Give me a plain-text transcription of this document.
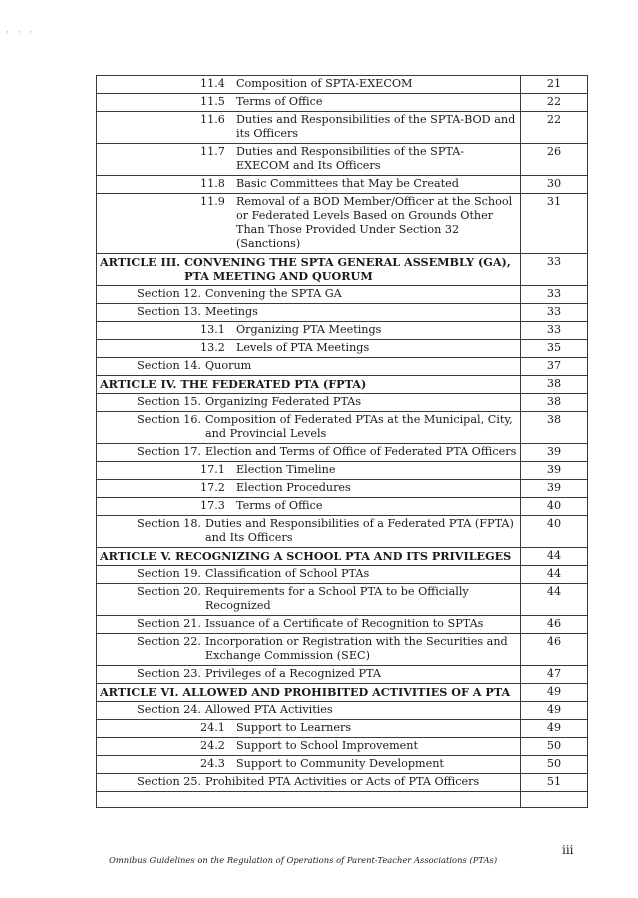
· · ·
11.4 Composition of SPTA-EXECOM	21

11.5 Terms of Office	22

11.6 Duties and Responsibilities of the SPTA-BOD and its Officers	22

11.7 Duties and Responsibilities of the SPTA-EXECOM and Its Officers	26

11.8 Basic Committees that May be Created	30

11.9 Removal of a BOD Member/Officer at the School or Federated Levels Based on Grounds Other Than Those Provided Under Section 32 (Sanctions)	31

ARTICLE III. CONVENING THE SPTA GENERAL ASSEMBLY (GA), PTA MEETING AND QUORUM	33

Section 12. Convening the SPTA GA	33

Section 13. Meetings	33

13.1 Organizing PTA Meetings	33

13.2 Levels of PTA Meetings	35

Section 14. Quorum	37

ARTICLE IV. THE FEDERATED PTA (FPTA)	38

Section 15. Organizing Federated PTAs	38

Section 16. Composition of Federated PTAs at the Municipal, City, and Provincial Levels	38

Section 17. Election and Terms of Office of Federated PTA Officers	39

17.1 Election Timeline	39

17.2 Election Procedures	39

17.3 Terms of Office	40

Section 18. Duties and Responsibilities of a Federated PTA (FPTA) and Its Officers	40

ARTICLE V. RECOGNIZING A SCHOOL PTA AND ITS PRIVILEGES	44

Section 19. Classification of School PTAs	44

Section 20. Requirements for a School PTA to be Officially Recognized	44

Section 21. Issuance of a Certificate of Recognition to SPTAs	46

Section 22. Incorporation or Registration with the Securities and Exchange Commission (SEC)	46

Section 23. Privileges of a Recognized PTA	47

ARTICLE VI. ALLOWED AND PROHIBITED ACTIVITIES OF A PTA	49

Section 24. Allowed PTA Activities	49

24.1 Support to Learners	49

24.2 Support to School Improvement	50

24.3 Support to Community Development	50

Section 25. Prohibited PTA Activities or Acts of PTA Officers	51

Omnibus Guidelines on the Regulation of Operations of Parent-Teacher Associations (PTAs)
iii
